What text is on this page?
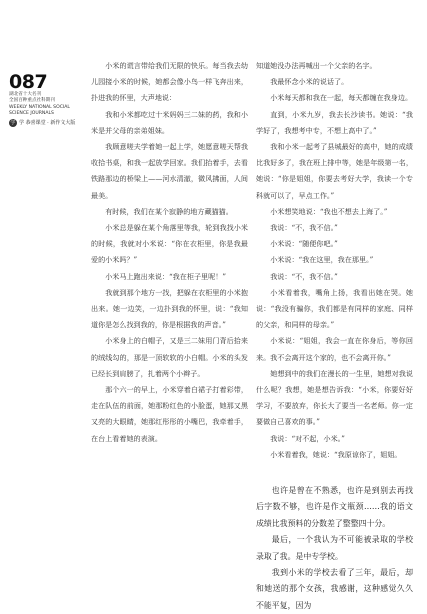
087
湖北省十大名刊
全国百种重点社科期刊
WEEKLY NATIONAL SOCIAL
SCIENCE JOURNALS
学 学 恭喜课堂 · 新作文大版

小米的谎言带给我们无限的快乐。每当我去幼儿园接小米的时候，她都会像小鸟一样飞奔出来，扑进我的怀里，大声地说：

我和小米都吃过十米妈妈三二妹的药，我和小米是并父母的亲弟姐妹。

我顾意嗟夫学着她一起上学，她愿意嗟天帮我收拾书桌，和我一起放学回家。我们抬着手，去看铁路那边的桥梁上——河水清澈，微风拂面，人间最美。

有时候，我们在某个寂静的地方藏猫猫。

小米总是躲在某个角落里等我，轮到我找小米的时候，我就对小米说：“你在衣柜里，你是我最爱的小米吗？”

小米马上跑出来说：“我在柜子里呢！”

我就到那个地方一找，把躲在衣柜里的小米抱出来。她一边笑，一边扑到我的怀里，说：“我知道你是怎么找到我的，你是根据我的声音。”

小米身上的白帽子，又是三二妹用门背后拾来的绒线勾的，那是一顶软软的小白帽。小米的头发已经长到肩膀了，扎着两个小辫子。

那个六一的早上，小米穿着白裙子打着彩带，走在队伍的前面，她那粉红色的小脸蛋，她那又黑又亮的大眼睛，她那红彤彤的小嘴巴，我牵着手，在台上看着她的表演。

知道她没办法再喊出一个父亲的名字。

我最怀念小米的说话了。

小米每天都和我在一起，每天都缠在我身边。

直到，小米九岁，我去长沙读书。她说：“我学好了，我想考中专，不想上高中了。”

我和小米一起考了县城最好的高中，她的成绩比我好多了，我在班上排中等，她是年级第一名，她说：“你是姐姐，你要去考好大学，我读一个专科就可以了，早点工作。”

小米想笑地说：“我也不想去上海了。”

我说：“不，我不信。”

小米说：“随便你吧。”

小米说：“我在这里，我在那里。”

我说：“不，我不信。”

小米看着我，嘴角上扬，我看出她在哭。她说：“我没有骗你，我们都是有同样的家庭、同样的父亲，和同样的母亲。”

小米说：“姐姐，我会一直在你身后，等你回来。我不会离开这个家的，也不会离开你。”

她想到中的我们在漫长的一生里，她想对我说什么呢？我想，她是想告诉我：“小米，你要好好学习，不要放弃，你长大了要当一名老师。你一定要做自己喜欢的事。”

我说：“对不起，小米。”

小米看着我，她说：“我原谅你了，姐姐。

也许是曾在不熟悉，也许是到别去再找后字数不够，也许是作文瓶颈……我的语文成绩比我预料的分数差了整整四十分。

最后，一个我认为不可能被录取的学校录取了我。是中专学校。

我到小米的学校去看了三年，最后，却和她送的那个女孩，我感谢，这种感觉久久不能平复，因为
